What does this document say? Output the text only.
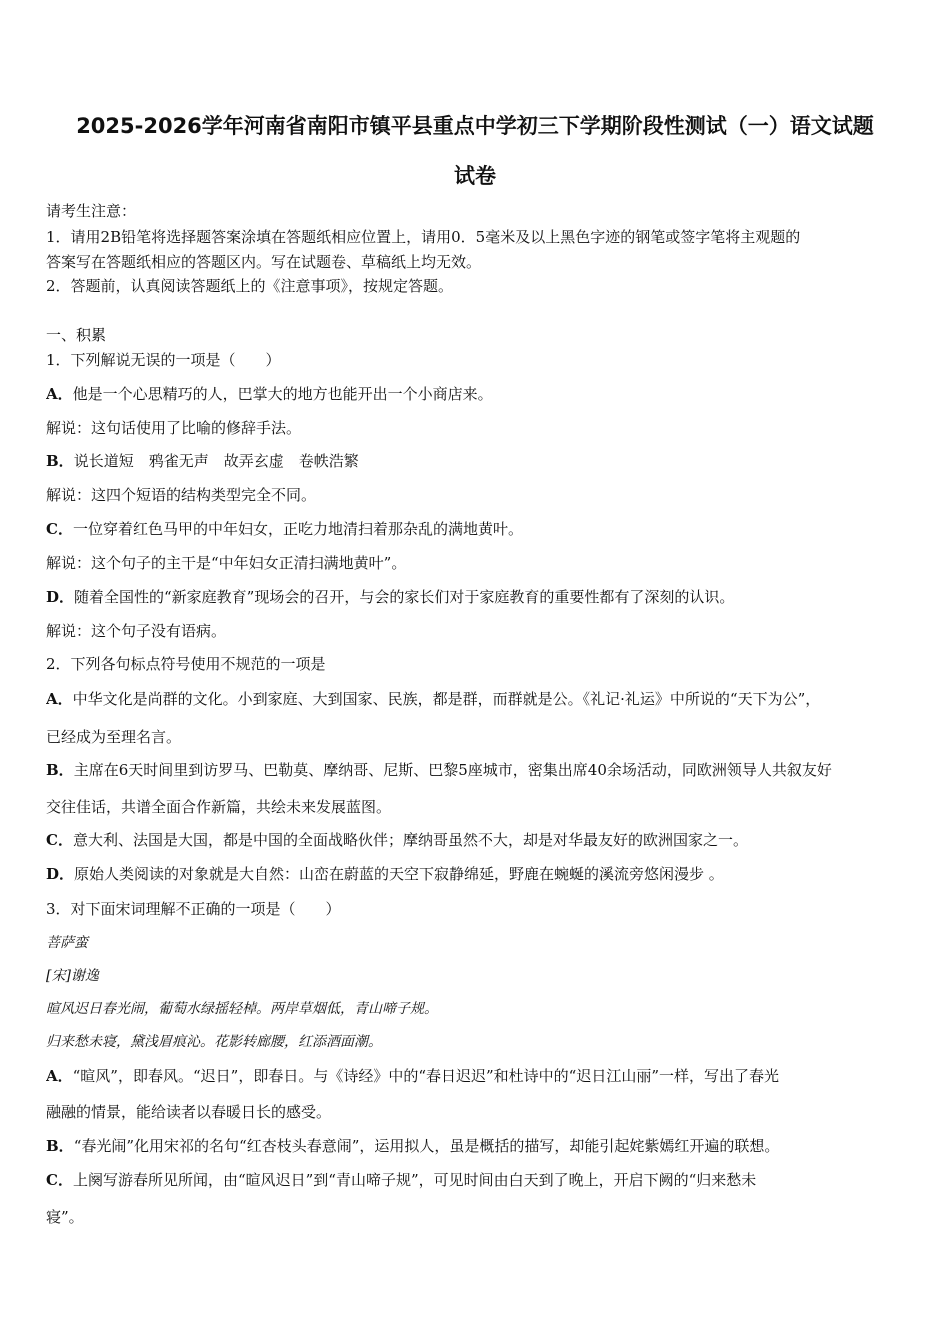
2025-2026学年河南省南阳市镇平县重点中学初三下学期阶段性测试（一）语文试题
试卷
请考生注意：
1．请用2B铅笔将选择题答案涂填在答题纸相应位置上，请用0．5毫米及以上黑色字迹的钢笔或签字笔将主观题的
答案写在答题纸相应的答题区内。写在试题卷、草稿纸上均无效。
2．答题前，认真阅读答题纸上的《注意事项》，按规定答题。
一、积累
1．下列解说无误的一项是（　　）
A．他是一个心思精巧的人，巴掌大的地方也能开出一个小商店来。
解说：这句话使用了比喻的修辞手法。
B．说长道短　鸦雀无声　故弄玄虚　卷帙浩繁
解说：这四个短语的结构类型完全不同。
C．一位穿着红色马甲的中年妇女，正吃力地清扫着那杂乱的满地黄叶。
解说：这个句子的主干是“中年妇女正清扫满地黄叶”。
D．随着全国性的“新家庭教育”现场会的召开，与会的家长们对于家庭教育的重要性都有了深刻的认识。
解说：这个句子没有语病。
2．下列各句标点符号使用不规范的一项是
A．中华文化是尚群的文化。小到家庭、大到国家、民族，都是群，而群就是公。《礼记·礼运》中所说的“天下为公”，
已经成为至理名言。
B．主席在6天时间里到访罗马、巴勒莫、摩纳哥、尼斯、巴黎5座城市，密集出席40余场活动，同欧洲领导人共叙友好
交往佳话，共谱全面合作新篇，共绘未来发展蓝图。
C．意大利、法国是大国，都是中国的全面战略伙伴；摩纳哥虽然不大，却是对华最友好的欧洲国家之一。
D．原始人类阅读的对象就是大自然：山峦在蔚蓝的天空下寂静绵延，野鹿在蜿蜒的溪流旁悠闲漫步 。
3．对下面宋词理解不正确的一项是（　　）
菩萨蛮
[宋]谢逸
暄风迟日春光闹，葡萄水绿摇轻棹。两岸草烟低，青山啼子规。
归来愁未寝，黛浅眉痕沁。花影转廊腰，红添酒面潮。
A．“暄风”，即春风。“迟日”，即春日。与《诗经》中的“春日迟迟”和杜诗中的“迟日江山丽”一样，写出了春光
融融的情景，能给读者以春暖日长的感受。
B．“春光闹”化用宋祁的名句“红杏枝头春意闹”，运用拟人，虽是概括的描写，却能引起姹紫嫣红开遍的联想。
C．上阕写游春所见所闻，由“暄风迟日”到“青山啼子规”，可见时间由白天到了晚上，开启下阙的“归来愁未
寝”。
